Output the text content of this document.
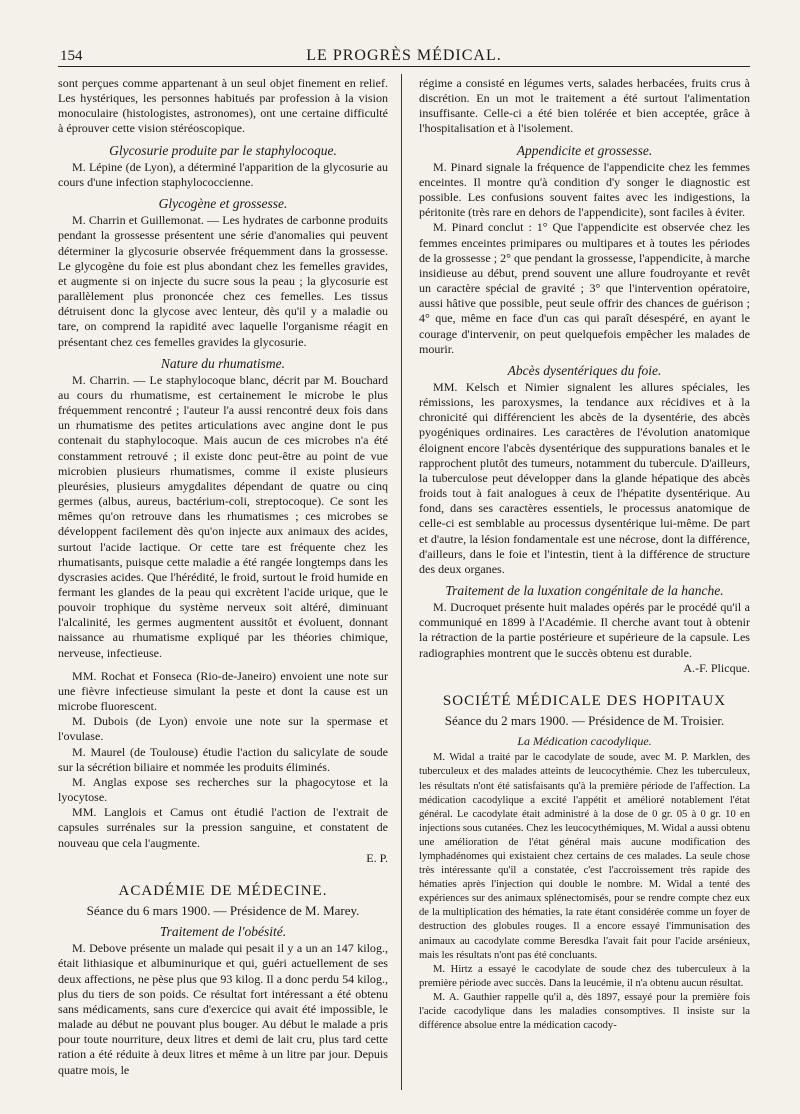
154	LE PROGRÈS MÉDICAL.

sont perçues comme appartenant à un seul objet finement en relief. Les hystériques, les personnes habitués par profession à la vision monoculaire (histologistes, astronomes), ont une certaine difficulté à éprouver cette vision stéréoscopique.

Glycosurie produite par le staphylocoque.

M. Lépine (de Lyon), a déterminé l'apparition de la glycosurie au cours d'une infection staphylococcienne.

Glycogène et grossesse.

M. Charrin et Guillemonat. — Les hydrates de carbonne produits pendant la grossesse présentent une série d'anomalies qui peuvent déterminer la glycosurie observée fréquemment dans la grossesse. Le glycogène du foie est plus abondant chez les femelles gravides, et augmente si on injecte du sucre sous la peau ; la glycosurie est parallèlement plus prononcée chez ces femelles. Les tissus détruisent donc la glycose avec lenteur, dès qu'il y a maladie ou tare, on comprend la rapidité avec laquelle l'organisme réagit en présentant chez ces femelles gravides la glycosurie.

Nature du rhumatisme.

M. Charrin. — Le staphylocoque blanc, décrit par M. Bouchard au cours du rhumatisme, est certainement le microbe le plus fréquemment rencontré ; l'auteur l'a aussi rencontré deux fois dans un rhumatisme des petites articulations avec angine dont le pus contenait du staphylocoque. Mais aucun de ces microbes n'a été constamment retrouvé ; il existe donc peut-être au point de vue microbien plusieurs rhumatismes, comme il existe plusieurs pleurésies, plusieurs amygdalites dépendant de quatre ou cinq germes (albus, aureus, bactérium-coli, streptocoque). Ce sont les mêmes qu'on retrouve dans les rhumatismes ; ces microbes se développent facilement dès qu'on injecte aux animaux des acides, surtout l'acide lactique. Or cette tare est fréquente chez les rhumatisants, puisque cette maladie a été rangée longtemps dans les dyscrasies acides. Que l'hérédité, le froid, surtout le froid humide en fermant les glandes de la peau qui excrètent l'acide urique, que le pouvoir trophique du système nerveux soit altéré, diminuant l'alcalinité, les germes augmentent aussitôt et évoluent, donnant naissance au rhumatisme expliqué par les théories chimique, nerveuse, infectieuse.

MM. Rochat et Fonseca (Rio-de-Janeiro) envoient une note sur une fièvre infectieuse simulant la peste et dont la cause est un microbe fluorescent.

M. Dubois (de Lyon) envoie une note sur la spermase et l'ovulase.

M. Maurel (de Toulouse) étudie l'action du salicylate de soude sur la sécrétion biliaire et nommée les produits éliminés.

M. Anglas expose ses recherches sur la phagocytose et la lyocytose.

MM. Langlois et Camus ont étudié l'action de l'extrait de capsules surrénales sur la pression sanguine, et constatent de nouveau que cela l'augmente.

E. P.

ACADÉMIE DE MÉDECINE.

Séance du 6 mars 1900. — Présidence de M. Marey.

Traitement de l'obésité.

M. Debove présente un malade qui pesait il y a un an 147 kilog., était lithiasique et albuminurique et qui, guéri actuellement de ses deux affections, ne pèse plus que 93 kilog. Il a donc perdu 54 kilog., plus du tiers de son poids. Ce résultat fort intéressant a été obtenu sans médicaments, sans cure d'exercice qui avait été impossible, le malade au début ne pouvant plus bouger. Au début le malade a pris pour toute nourriture, deux litres et demi de lait cru, plus tard cette ration a été réduite à deux litres et même à un litre par jour. Depuis quatre mois, le

régime a consisté en légumes verts, salades herbacées, fruits crus à discrétion. En un mot le traitement a été surtout l'alimentation insuffisante. Celle-ci a été bien tolérée et bien acceptée, grâce à l'hospitalisation et à l'isolement.

Appendicite et grossesse.

M. Pinard signale la fréquence de l'appendicite chez les femmes enceintes. Il montre qu'à condition d'y songer le diagnostic est possible. Les confusions souvent faites avec les indigestions, la péritonite (très rare en dehors de l'appendicite), sont faciles à éviter.

M. Pinard conclut : 1° Que l'appendicite est observée chez les femmes enceintes primipares ou multipares et à toutes les périodes de la grossesse ; 2° que pendant la grossesse, l'appendicite, à marche insidieuse au début, prend souvent une allure foudroyante et revêt un caractère spécial de gravité ; 3° que l'intervention opératoire, aussi hâtive que possible, peut seule offrir des chances de guérison ; 4° que, même en face d'un cas qui paraît désespéré, en ayant le courage d'intervenir, on peut quelquefois empêcher les malades de mourir.

Abcès dysentériques du foie.

MM. Kelsch et Nimier signalent les allures spéciales, les rémissions, les paroxysmes, la tendance aux récidives et à la chronicité qui différencient les abcès de la dysentérie, des abcès pyogéniques ordinaires. Les caractères de l'évolution anatomique éloignent encore l'abcès dysentérique des suppurations banales et le rapprochent plutôt des tumeurs, notamment du tubercule. D'ailleurs, la tuberculose peut développer dans la glande hépatique des abcès froids tout à fait analogues à ceux de l'hépatite dysentérique. Au fond, dans ses caractères essentiels, le processus anatomique de celle-ci est semblable au processus dysentérique lui-même. De part et d'autre, la lésion fondamentale est une nécrose, dont la différence, d'ailleurs, dans le foie et l'intestin, tient à la différence de structure des deux organes.

Traitement de la luxation congénitale de la hanche.

M. Ducroquet présente huit malades opérés par le procédé qu'il a communiqué en 1899 à l'Académie. Il cherche avant tout à obtenir la rétraction de la partie postérieure et supérieure de la capsule. Les radiographies montrent que le succès obtenu est durable.

A.-F. Plicque.

SOCIÉTÉ MÉDICALE DES HOPITAUX

Séance du 2 mars 1900. — Présidence de M. Troisier.

La Médication cacodylique.

M. Widal a traité par le cacodylate de soude, avec M. P. Marklen, des tuberculeux et des malades atteints de leucocythémie. Chez les tuberculeux, les résultats n'ont été satisfaisants qu'à la première période de l'affection. La médication cacodylique a excité l'appétit et amélioré notablement l'état général. Le cacodylate était administré à la dose de 0 gr. 05 à 0 gr. 10 en injections sous cutanées. Chez les leucocythémiques, M. Widal a aussi obtenu une amélioration de l'état général mais aucune modification des lymphadénomes qui existaient chez certains de ces malades. La seule chose très intéressante qu'il a constatée, c'est l'accroissement très rapide des hématies après l'injection qui double le nombre. M. Widal a tenté des expériences sur des animaux splénectomisés, pour se rendre compte chez eux de la multiplication des hématies, la rate étant considérée comme un foyer de destruction des globules rouges. Il a encore essayé l'immunisation des animaux au cacodylate comme Beresdka l'avait fait pour l'acide arsénieux, mais les résultats n'ont pas été concluants.

M. Hirtz a essayé le cacodylate de soude chez des tuberculeux à la première période avec succès. Dans la leucémie, il n'a obtenu aucun résultat.

M. A. Gauthier rappelle qu'il a, dès 1897, essayé pour la première fois l'acide cacodylique dans les maladies consomptives. Il insiste sur la différence absolue entre la médication cacody-
